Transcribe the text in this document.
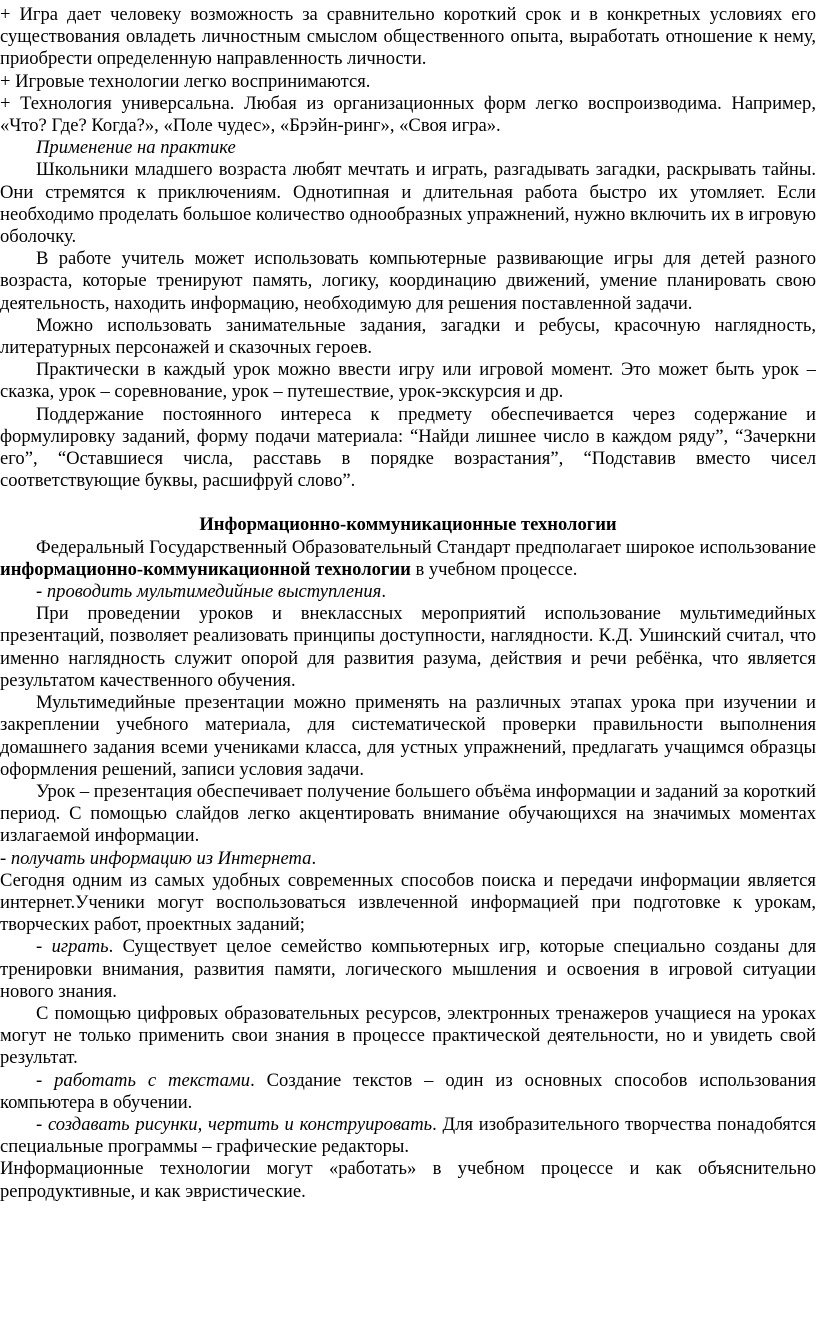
+ Игра дает человеку возможность за сравнительно короткий срок и в конкретных условиях его существования овладеть личностным смыслом общественного опыта, выработать отношение к нему, приобрести определенную направленность личности.

+ Игровые технологии легко воспринимаются.

+ Технология универсальна. Любая из организационных форм легко воспроизводима. Например, «Что? Где? Когда?», «Поле чудес», «Брэйн-ринг», «Своя игра».

Применение на практике

Школьники младшего возраста любят мечтать и играть, разгадывать загадки, раскрывать тайны. Они стремятся к приключениям. Однотипная и длительная работа быстро их утомляет. Если необходимо проделать большое количество однообразных упражнений, нужно включить их в игровую оболочку.

В работе учитель может использовать компьютерные развивающие игры для детей разного возраста, которые тренируют память, логику, координацию движений, умение планировать свою деятельность, находить информацию, необходимую для решения поставленной задачи.

Можно использовать занимательные задания, загадки и ребусы, красочную наглядность, литературных персонажей и сказочных героев.

Практически в каждый урок можно ввести игру или игровой момент. Это может быть урок – сказка, урок – соревнование, урок – путешествие, урок-экскурсия и др.

Поддержание постоянного интереса к предмету обеспечивается через содержание и формулировку заданий, форму подачи материала: “Найди лишнее число в каждом ряду”, “Зачеркни его”, “Оставшиеся числа, расставь в порядке возрастания”, “Подставив вместо чисел соответствующие буквы, расшифруй слово”.

Информационно-коммуникационные технологии

Федеральный Государственный Образовательный Стандарт предполагает широкое использование информационно-коммуникационной технологии в учебном процессе.

- проводить мультимедийные выступления.

При проведении уроков и внеклассных мероприятий использование мультимедийных презентаций, позволяет реализовать принципы доступности, наглядности. К.Д. Ушинский считал, что именно наглядность служит опорой для развития разума, действия и речи ребёнка, что является результатом качественного обучения.

Мультимедийные презентации можно применять на различных этапах урока при изучении и закреплении учебного материала, для систематической проверки правильности выполнения домашнего задания всеми учениками класса, для устных упражнений, предлагать учащимся образцы оформления решений, записи условия задачи.

Урок – презентация обеспечивает получение большего объёма информации и заданий за короткий период. С помощью слайдов легко акцентировать внимание обучающихся на значимых моментах излагаемой информации.

- получать информацию из Интернета.

Сегодня одним из самых удобных современных способов поиска и передачи информации является интернет.Ученики могут воспользоваться извлеченной информацией при подготовке к урокам, творческих работ, проектных заданий;

- играть. Существует целое семейство компьютерных игр, которые специально созданы для тренировки внимания, развития памяти, логического мышления и освоения в игровой ситуации нового знания.

С помощью цифровых образовательных ресурсов, электронных тренажеров учащиеся на уроках могут не только применить свои знания в процессе практической деятельности, но и увидеть свой результат.

- работать с текстами. Создание текстов – один из основных способов использования компьютера в обучении.

- создавать рисунки, чертить и конструировать. Для изобразительного творчества понадобятся специальные программы – графические редакторы.

Информационные технологии могут «работать» в учебном процессе и как объяснительно репродуктивные, и как эвристические.
